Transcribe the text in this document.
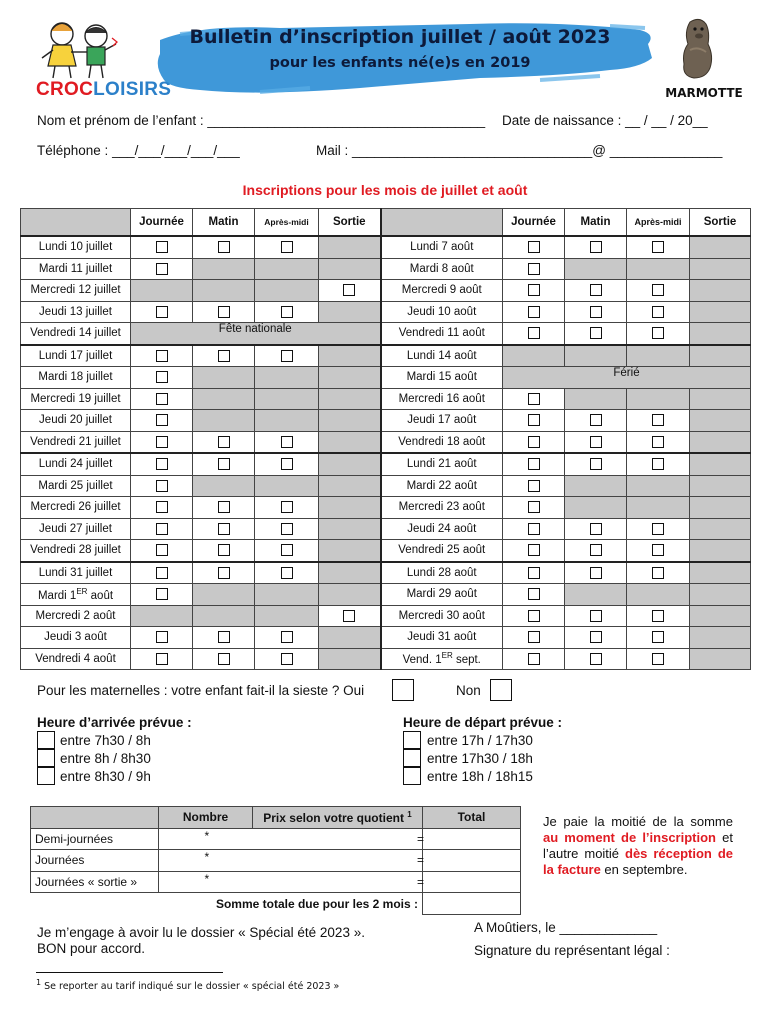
CROCLOISIRS
Bulletin d’inscription juillet / août 2023
pour les enfants né(e)s en 2019
MARMOTTE
Nom et prénom de l’enfant : _____________________________________ Date de naissance : __ / __ / 20__
Téléphone : ___/___/___/___/___	Mail : ________________________________@ _______________
Inscriptions pour les mois de juillet et août
	Journée	Matin	Après-midi	Sortie		Journée	Matin	Après-midi	Sortie
Lundi 10 juillet					Lundi 7 août				
Mardi 11 juillet					Mardi 8 août				
Mercredi 12 juillet					Mercredi 9 août				
Jeudi 13 juillet					Jeudi 10 août				
Vendredi 14 juillet	Fête nationale				Vendredi 11 août				
Lundi 17 juillet					Lundi 14 août				
Mardi 18 juillet					Mardi 15 août	Férié			
Mercredi 19 juillet					Mercredi 16 août				
Jeudi 20 juillet					Jeudi 17 août				
Vendredi 21 juillet					Vendredi 18 août				
Lundi 24 juillet					Lundi 21 août				
Mardi 25 juillet					Mardi 22 août				
Mercredi 26 juillet					Mercredi 23 août				
Jeudi 27 juillet					Jeudi 24 août				
Vendredi 28 juillet					Vendredi 25 août				
Lundi 31 juillet					Lundi 28 août				
Mardi 1ER août					Mardi 29 août				
Mercredi 2 août					Mercredi 30 août				
Jeudi 3 août					Jeudi 31 août				
Vendredi 4 août					Vend. 1ER sept.				
Pour les maternelles : votre enfant fait-il la sieste ? Oui	Non
Heure d’arrivée prévue :
entre 7h30 / 8h
entre 8h / 8h30
entre 8h30 / 9h
Heure de départ prévue :
entre 17h / 17h30
entre 17h30 / 18h
entre 18h / 18h15
	Nombre	Prix selon votre quotient $^1$	Total
Demi-journées		* =	

Journées		* =	

Journées « sortie »		* =	

	Somme totale due pour les 2 mois :		
Je paie la moitié de la somme au moment de l’inscription et l’autre moitié dès réception de la facture en septembre.
Je m’engage à avoir lu le dossier « Spécial été 2023 ».
BON pour accord.
A Moûtiers, le _____________
Signature du représentant légal :
$^1$ Se reporter au tarif indiqué sur le dossier « spécial été 2023 »
